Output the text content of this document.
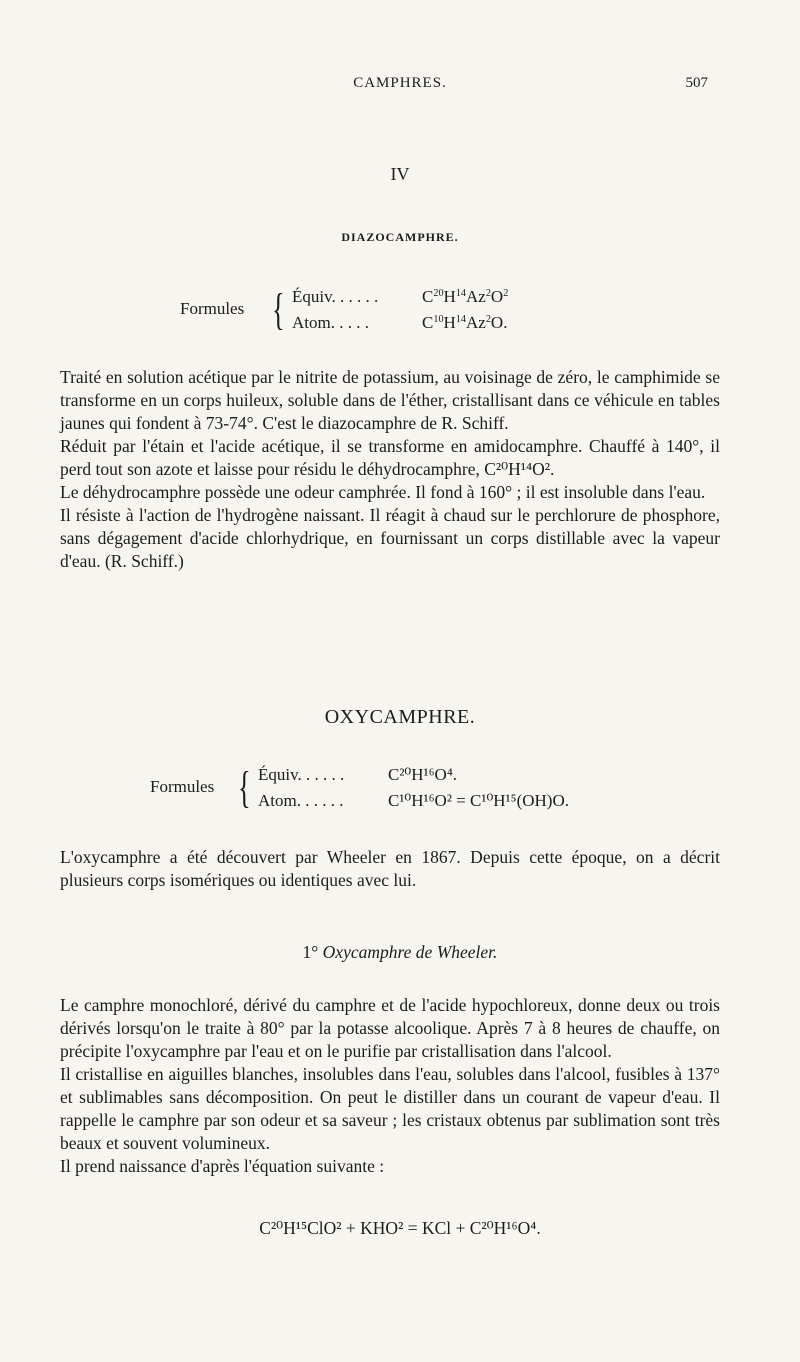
CAMPHRES.	507
IV
DIAZOCAMPHRE.
Formules { Équiv. . . . . .	$C^{20}H^{14}Az^2O^2$
Atom. . . . .	$C^{10}H^{14}Az^2O$.

Traité en solution acétique par le nitrite de potassium, au voisinage de zéro, le camphimide se transforme en un corps huileux, soluble dans de l'éther, cristallisant dans ce véhicule en tables jaunes qui fondent à 73-74°. C'est le diazocamphre de R. Schiff.

Réduit par l'étain et l'acide acétique, il se transforme en amidocamphre. Chauffé à 140°, il perd tout son azote et laisse pour résidu le déhydrocamphre, C²⁰H¹⁴O².

Le déhydrocamphre possède une odeur camphrée. Il fond à 160° ; il est insoluble dans l'eau.

Il résiste à l'action de l'hydrogène naissant. Il réagit à chaud sur le perchlorure de phosphore, sans dégagement d'acide chlorhydrique, en fournissant un corps distillable avec la vapeur d'eau. (R. Schiff.)

OXYCAMPHRE.
Formules { Équiv. . . . . .	C²⁰H¹⁶O⁴.
Atom. . . . . .	C¹⁰H¹⁶O² = C¹⁰H¹⁵(OH)O.

L'oxycamphre a été découvert par Wheeler en 1867. Depuis cette époque, on a décrit plusieurs corps isomériques ou identiques avec lui.

1° Oxycamphre de Wheeler.

Le camphre monochloré, dérivé du camphre et de l'acide hypochloreux, donne deux ou trois dérivés lorsqu'on le traite à 80° par la potasse alcoolique. Après 7 à 8 heures de chauffe, on précipite l'oxycamphre par l'eau et on le purifie par cristallisation dans l'alcool.

Il cristallise en aiguilles blanches, insolubles dans l'eau, solubles dans l'alcool, fusibles à 137° et sublimables sans décomposition. On peut le distiller dans un courant de vapeur d'eau. Il rappelle le camphre par son odeur et sa saveur ; les cristaux obtenus par sublimation sont très beaux et souvent volumineux.

Il prend naissance d'après l'équation suivante :

C²⁰H¹⁵ClO² + KHO² = KCl + C²⁰H¹⁶O⁴.
